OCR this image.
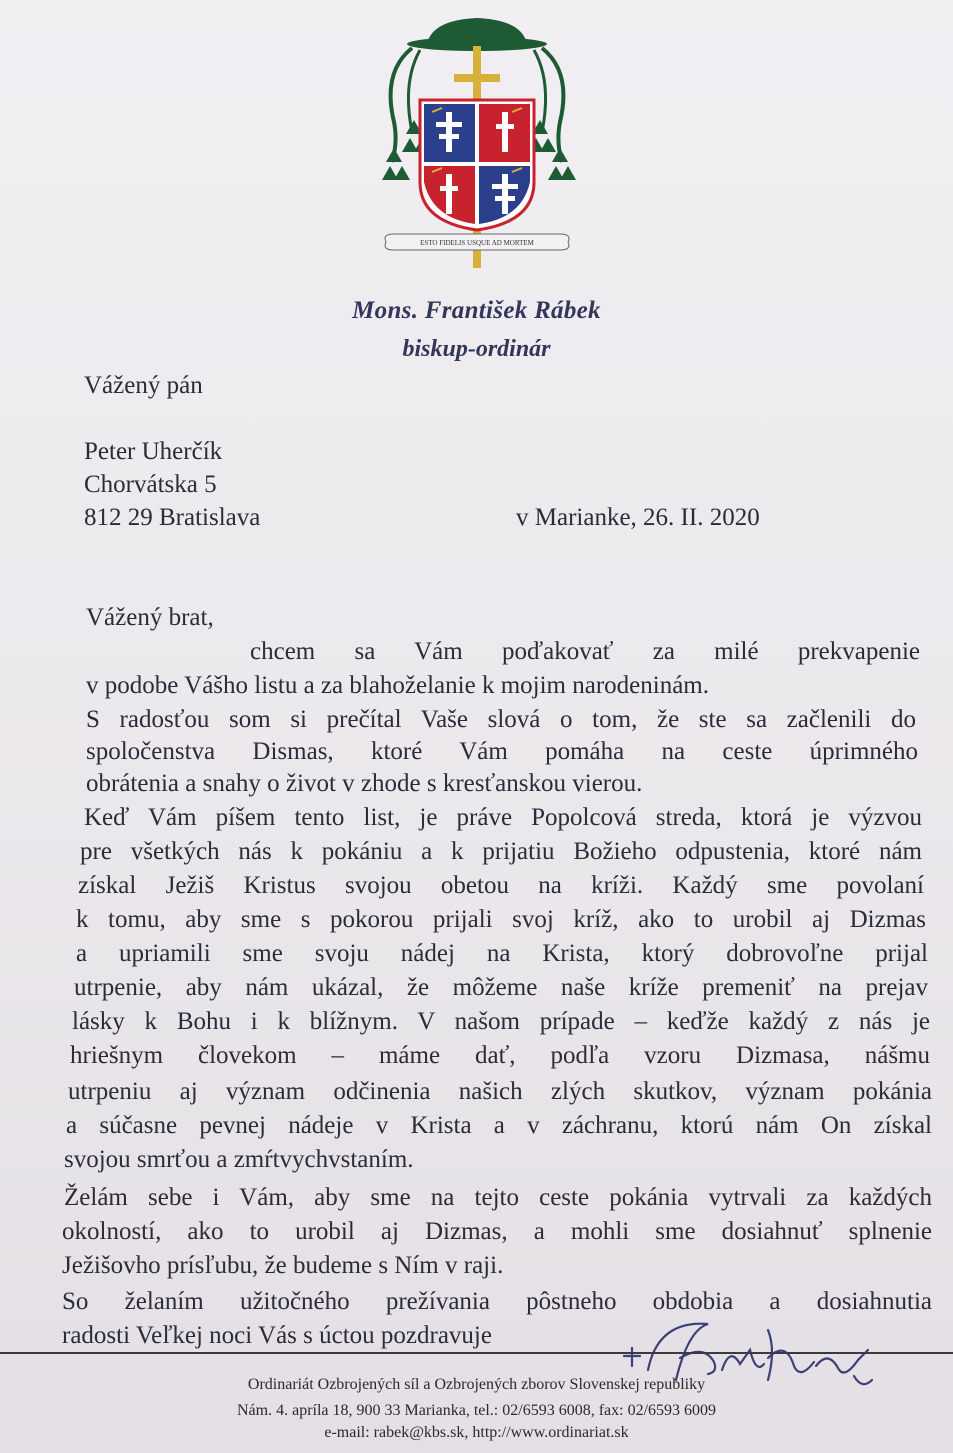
ESTO FIDELIS USQUE AD MORTEM
Mons. František Rábek
biskup-ordinár
Vážený pán
Peter Uherčík
Chorvátska 5
812 29 Bratislava	v Marianke, 26. II. 2020
Vážený brat,
chcem sa Vám poďakovať za milé prekvapenie
v podobe Vášho listu a za blahoželanie k mojim narodeninám.
S radosťou som si prečítal Vaše slová o tom, že ste sa začlenili do
spoločenstva Dismas, ktoré Vám pomáha na ceste úprimného
obrátenia a snahy o život v zhode s kresťanskou vierou.
Keď Vám píšem tento list, je práve Popolcová streda, ktorá je výzvou
pre všetkých nás k pokániu a k prijatiu Božieho odpustenia, ktoré nám
získal Ježiš Kristus svojou obetou na kríži. Každý sme povolaní
k tomu, aby sme s pokorou prijali svoj kríž, ako to urobil aj Dizmas
a upriamili sme svoju nádej na Krista, ktorý dobrovoľne prijal
utrpenie, aby nám ukázal, že môžeme naše kríže premeniť na prejav
lásky k Bohu i k blížnym. V našom prípade – keďže každý z nás je
hriešnym človekom – máme dať, podľa vzoru Dizmasa, nášmu
utrpeniu aj význam odčinenia našich zlých skutkov, význam pokánia
a súčasne pevnej nádeje v Krista a v záchranu, ktorú nám On získal
svojou smrťou a zmŕtvychvstaním.
Želám sebe i Vám, aby sme na tejto ceste pokánia vytrvali za každých
okolností, ako to urobil aj Dizmas, a mohli sme dosiahnuť splnenie
Ježišovho prísľubu, že budeme s Ním v raji.
So želaním užitočného prežívania pôstneho obdobia a dosiahnutia
radosti Veľkej noci Vás s úctou pozdravuje
Ordinariát Ozbrojených síl a Ozbrojených zborov Slovenskej republiky
Nám. 4. apríla 18, 900 33 Marianka, tel.: 02/6593 6008, fax: 02/6593 6009
e-mail: rabek@kbs.sk, http://www.ordinariat.sk
